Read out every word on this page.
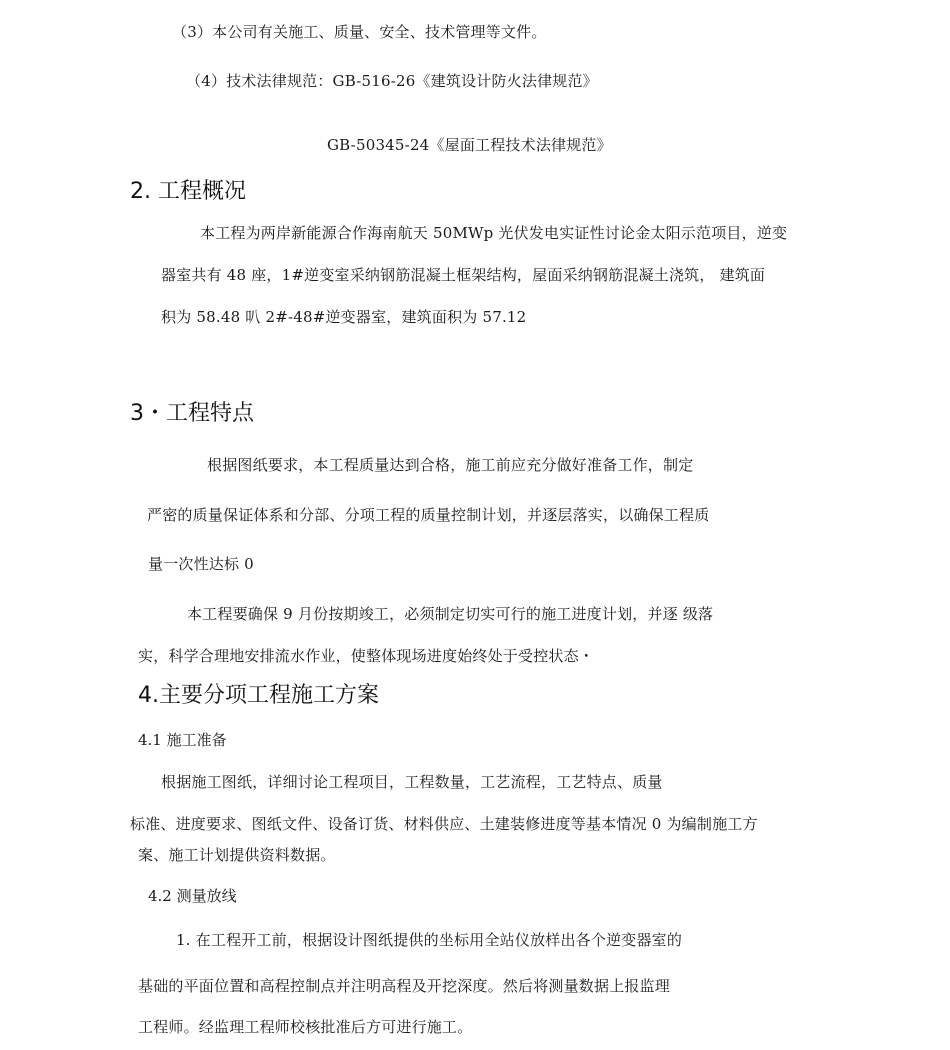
（3）本公司有关施工、质量、安全、技术管理等文件。
（4）技术法律规范：GB-516-26《建筑设计防火法律规范》
GB-50345-24《屋面工程技术法律规范》
2. 工程概况
本工程为两岸新能源合作海南航天 50MWp 光伏发电实证性讨论金太阳示范项目，逆变
器室共有 48 座，1#逆变室采纳钢筋混凝土框架结构，屋面采纳钢筋混凝土浇筑， 建筑面
积为 58.48 叭 2#-48#逆变器室，建筑面积为 57.12
3・工程特点
根据图纸要求，本工程质量达到合格，施工前应充分做好准备工作，制定
严密的质量保证体系和分部、分项工程的质量控制计划，并逐层落实，以确保工程质
量一次性达标 0
本工程要确保 9 月份按期竣工，必须制定切实可行的施工进度计划，并逐 级落
实，科学合理地安排流水作业，使整体现场进度始终处于受控状态・
4.主要分项工程施工方案
4.1 施工准备
根据施工图纸，详细讨论工程项目，工程数量，工艺流程，工艺特点、质量
标准、进度要求、图纸文件、设备订货、材料供应、土建装修进度等基本情况 0 为编制施工方
案、施工计划提供资料数据。
4.2 测量放线
1. 在工程开工前，根据设计图纸提供的坐标用全站仪放样出各个逆变器室的
基础的平面位置和高程控制点并注明高程及开挖深度。然后将测量数据上报监理
工程师。经监理工程师校核批准后方可进行施工。
